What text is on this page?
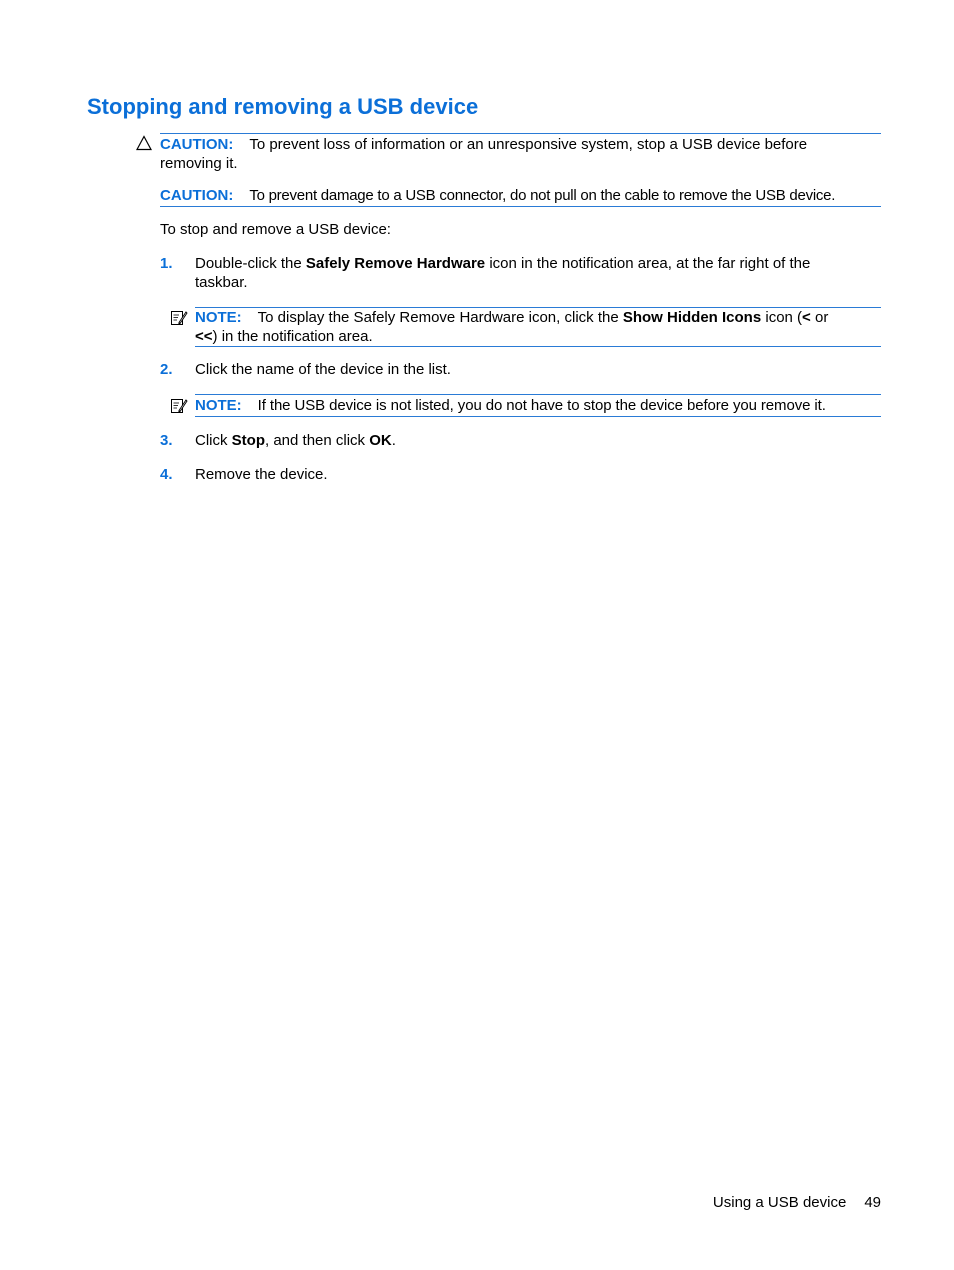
Stopping and removing a USB device
CAUTION: To prevent loss of information or an unresponsive system, stop a USB device before
removing it.
CAUTION: To prevent damage to a USB connector, do not pull on the cable to remove the USB device.

To stop and remove a USB device:

1. Double-click the Safely Remove Hardware icon in the notification area, at the far right of the
taskbar.
NOTE: To display the Safely Remove Hardware icon, click the Show Hidden Icons icon (< or
<<) in the notification area.
2. Click the name of the device in the list.
NOTE: If the USB device is not listed, you do not have to stop the device before you remove it.
3. Click Stop, and then click OK.
4. Remove the device.
Using a USB device 49
